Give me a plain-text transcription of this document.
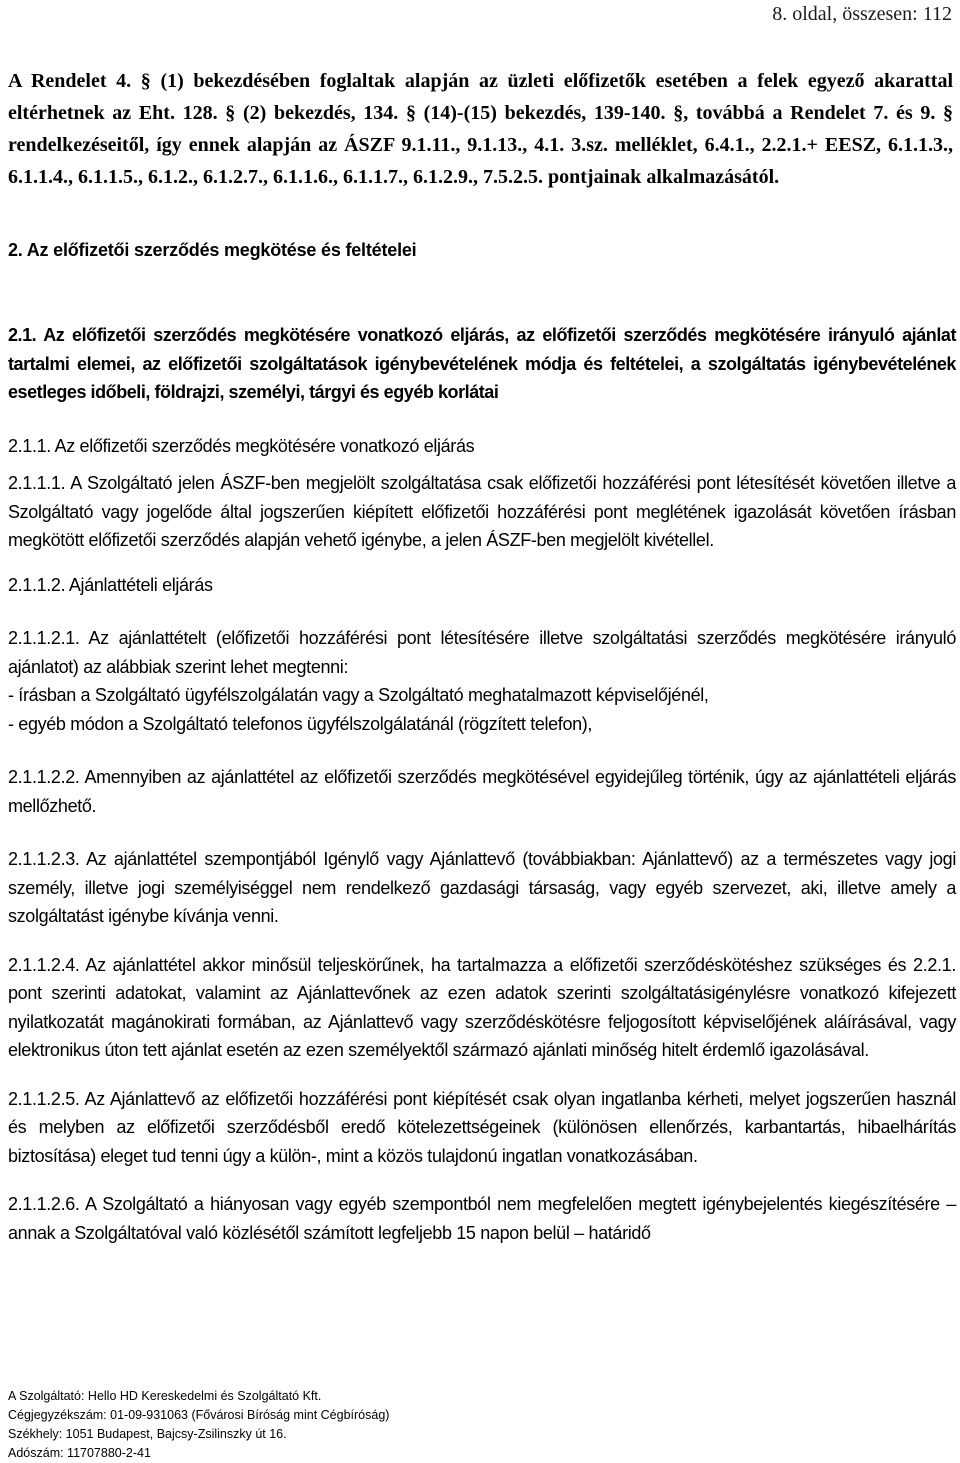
8. oldal, összesen: 112

A Rendelet 4. § (1) bekezdésében foglaltak alapján az üzleti előfizetők esetében a felek egyező akarattal eltérhetnek az Eht. 128. § (2) bekezdés, 134. § (14)-(15) bekezdés, 139-140. §, továbbá a Rendelet 7. és 9. § rendelkezéseitől, így ennek alapján az ÁSZF 9.1.11., 9.1.13., 4.1. 3.sz. melléklet, 6.4.1., 2.2.1.+ EESZ, 6.1.1.3., 6.1.1.4., 6.1.1.5., 6.1.2., 6.1.2.7., 6.1.1.6., 6.1.1.7., 6.1.2.9., 7.5.2.5. pontjainak alkalmazásától.

2. Az előfizetői szerződés megkötése és feltételei

2.1. Az előfizetői szerződés megkötésére vonatkozó eljárás, az előfizetői szerződés megkötésére irányuló ajánlat tartalmi elemei, az előfizetői szolgáltatások igénybevételének módja és feltételei, a szolgáltatás igénybevételének esetleges időbeli, földrajzi, személyi, tárgyi és egyéb korlátai

2.1.1. Az előfizetői szerződés megkötésére vonatkozó eljárás

2.1.1.1. A Szolgáltató jelen ÁSZF-ben megjelölt szolgáltatása csak előfizetői hozzáférési pont létesítését követően illetve a Szolgáltató vagy jogelőde által jogszerűen kiépített előfizetői hozzáférési pont meglétének igazolását követően írásban megkötött előfizetői szerződés alapján vehető igénybe, a jelen ÁSZF-ben megjelölt kivétellel.

2.1.1.2. Ajánlattételi eljárás

2.1.1.2.1. Az ajánlattételt (előfizetői hozzáférési pont létesítésére illetve szolgáltatási szerződés megkötésére irányuló ajánlatot) az alábbiak szerint lehet megtenni:

- írásban a Szolgáltató ügyfélszolgálatán vagy a Szolgáltató meghatalmazott képviselőjénél,

- egyéb módon a Szolgáltató telefonos ügyfélszolgálatánál (rögzített telefon),

2.1.1.2.2. Amennyiben az ajánlattétel az előfizetői szerződés megkötésével egyidejűleg történik, úgy az ajánlattételi eljárás mellőzhető.

2.1.1.2.3. Az ajánlattétel szempontjából Igénylő vagy Ajánlattevő (továbbiakban: Ajánlattevő) az a természetes vagy jogi személy, illetve jogi személyiséggel nem rendelkező gazdasági társaság, vagy egyéb szervezet, aki, illetve amely a szolgáltatást igénybe kívánja venni.

2.1.1.2.4. Az ajánlattétel akkor minősül teljeskörűnek, ha tartalmazza a előfizetői szerződéskötéshez szükséges és 2.2.1. pont szerinti adatokat, valamint az Ajánlattevőnek az ezen adatok szerinti szolgáltatásigénylésre vonatkozó kifejezett nyilatkozatát magánokirati formában, az Ajánlattevő vagy szerződéskötésre feljogosított képviselőjének aláírásával, vagy elektronikus úton tett ajánlat esetén az ezen személyektől származó ajánlati minőség hitelt érdemlő igazolásával.

2.1.1.2.5. Az Ajánlattevő az előfizetői hozzáférési pont kiépítését csak olyan ingatlanba kérheti, melyet jogszerűen használ és melyben az előfizetői szerződésből eredő kötelezettségeinek (különösen ellenőrzés, karbantartás, hibaelhárítás biztosítása) eleget tud tenni úgy a külön-, mint a közös tulajdonú ingatlan vonatkozásában.

2.1.1.2.6. A Szolgáltató a hiányosan vagy egyéb szempontból nem megfelelően megtett igénybejelentés kiegészítésére – annak a Szolgáltatóval való közlésétől számított legfeljebb 15 napon belül – határidő

A Szolgáltató: Hello HD Kereskedelmi és Szolgáltató Kft.
Cégjegyzékszám: 01-09-931063 (Fővárosi Bíróság mint Cégbíróság)
Székhely: 1051 Budapest, Bajcsy-Zsilinszky út 16.
Adószám: 11707880-2-41
